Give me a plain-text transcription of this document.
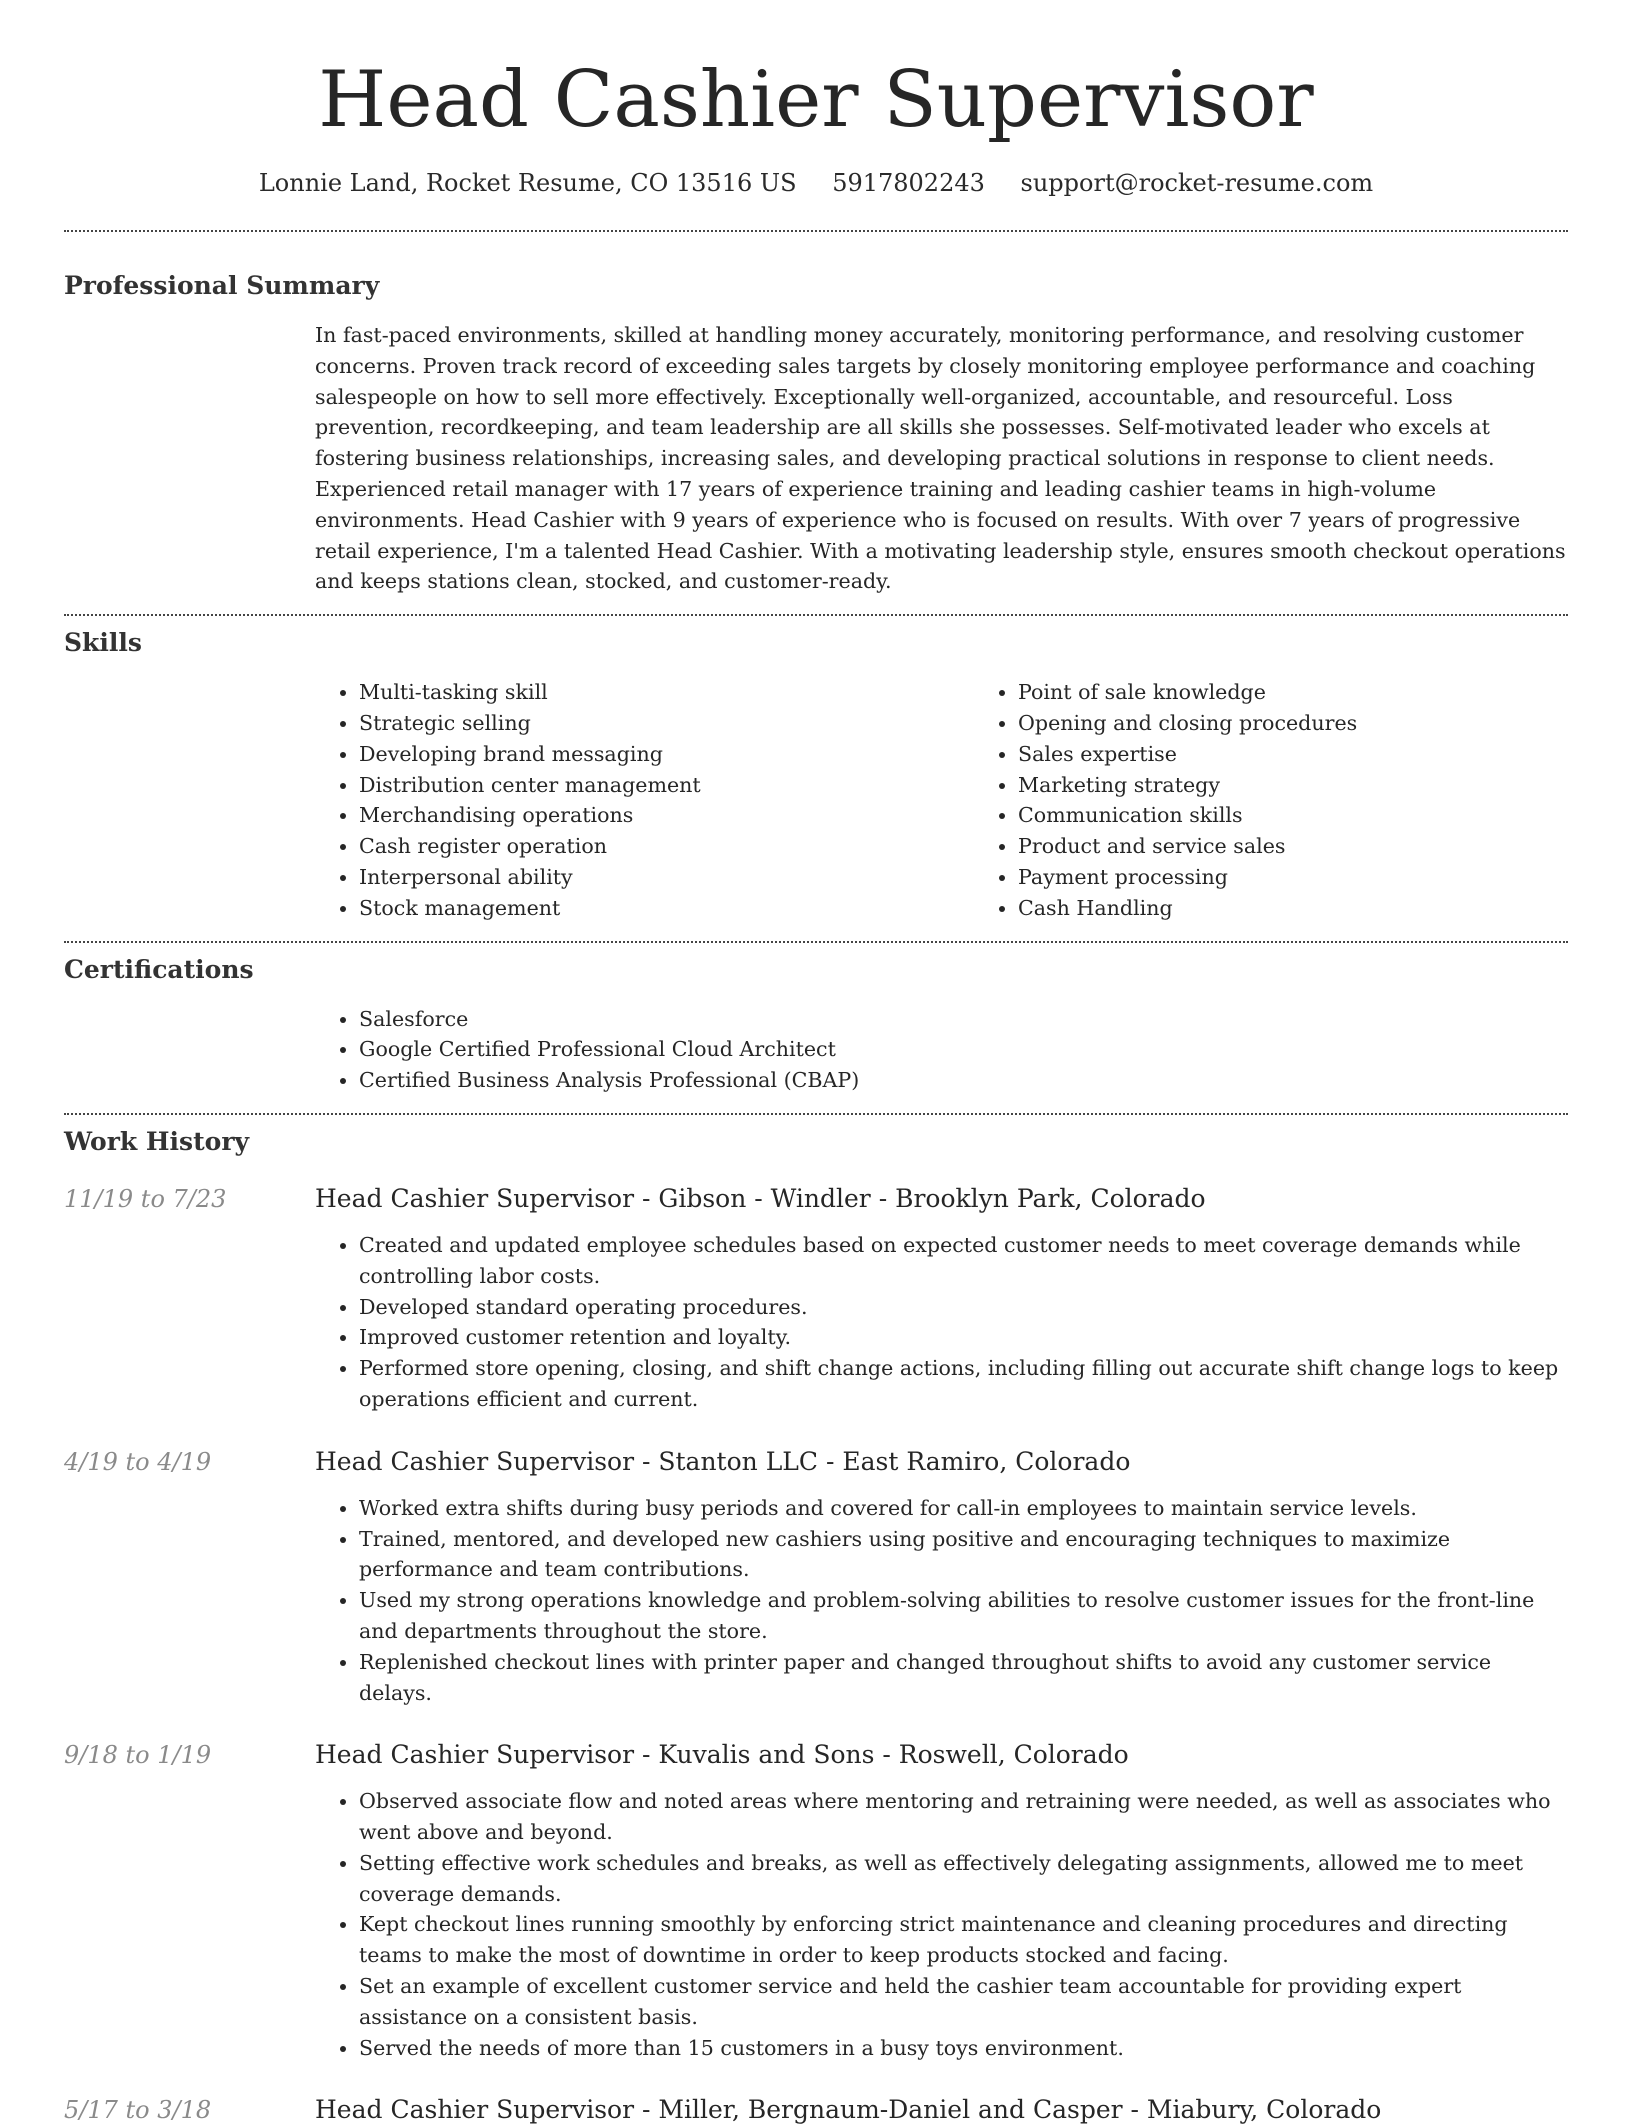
Head Cashier Supervisor
Lonnie Land, Rocket Resume, CO 13516 US 5917802243 support@rocket-resume.com
Professional Summary

In fast-paced environments, skilled at handling money accurately, monitoring performance, and resolving customer concerns. Proven track record of exceeding sales targets by closely monitoring employee performance and coaching salespeople on how to sell more effectively. Exceptionally well-organized, accountable, and resourceful. Loss prevention, recordkeeping, and team leadership are all skills she possesses. Self-motivated leader who excels at fostering business relationships, increasing sales, and developing practical solutions in response to client needs. Experienced retail manager with 17 years of experience training and leading cashier teams in high-volume environments. Head Cashier with 9 years of experience who is focused on results. With over 7 years of progressive retail experience, I'm a talented Head Cashier. With a motivating leadership style, ensures smooth checkout operations and keeps stations clean, stocked, and customer-ready.

Skills
• Multi-tasking skill
• Strategic selling
• Developing brand messaging
• Distribution center management
• Merchandising operations
• Cash register operation
• Interpersonal ability
• Stock management
• Point of sale knowledge
• Opening and closing procedures
• Sales expertise
• Marketing strategy
• Communication skills
• Product and service sales
• Payment processing
• Cash Handling
Certifications
• Salesforce
• Google Certified Professional Cloud Architect
• Certified Business Analysis Professional (CBAP)
Work History
11/19 to 7/23	Head Cashier Supervisor - Gibson - Windler - Brooklyn Park, Colorado
• Created and updated employee schedules based on expected customer needs to meet coverage demands while controlling labor costs.
• Developed standard operating procedures.
• Improved customer retention and loyalty.
• Performed store opening, closing, and shift change actions, including filling out accurate shift change logs to keep operations efficient and current.
4/19 to 4/19	Head Cashier Supervisor - Stanton LLC - East Ramiro, Colorado
• Worked extra shifts during busy periods and covered for call-in employees to maintain service levels.
• Trained, mentored, and developed new cashiers using positive and encouraging techniques to maximize performance and team contributions.
• Used my strong operations knowledge and problem-solving abilities to resolve customer issues for the front-line and departments throughout the store.
• Replenished checkout lines with printer paper and changed throughout shifts to avoid any customer service delays.
9/18 to 1/19	Head Cashier Supervisor - Kuvalis and Sons - Roswell, Colorado
• Observed associate flow and noted areas where mentoring and retraining were needed, as well as associates who went above and beyond.
• Setting effective work schedules and breaks, as well as effectively delegating assignments, allowed me to meet coverage demands.
• Kept checkout lines running smoothly by enforcing strict maintenance and cleaning procedures and directing teams to make the most of downtime in order to keep products stocked and facing.
• Set an example of excellent customer service and held the cashier team accountable for providing expert assistance on a consistent basis.
• Served the needs of more than 15 customers in a busy toys environment.
5/17 to 3/18	Head Cashier Supervisor - Miller, Bergnaum-Daniel and Casper - Miabury, Colorado
